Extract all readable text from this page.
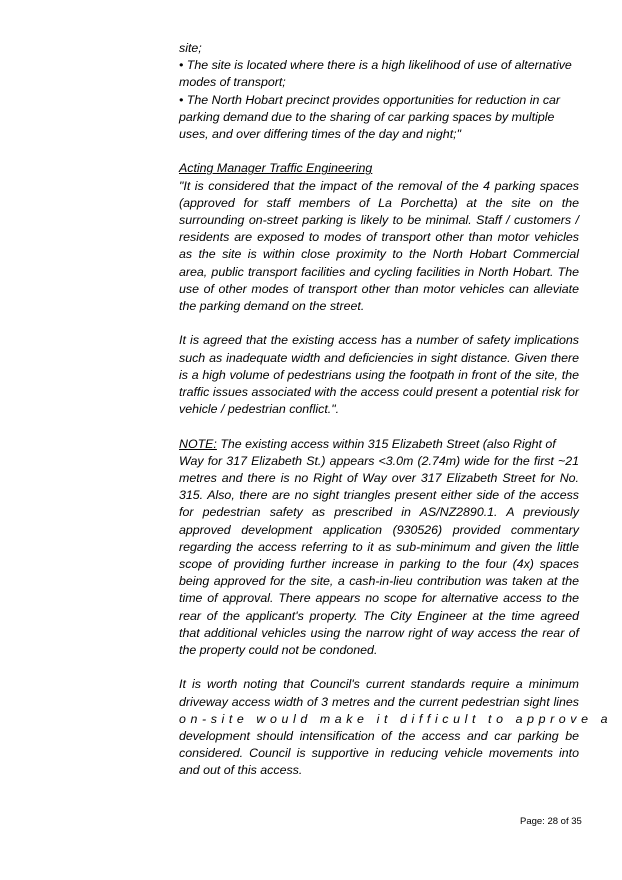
site;
• The site is located where there is a high likelihood of use of alternative
modes of transport;
• The North Hobart precinct provides opportunities for reduction in car
parking demand due to the sharing of car parking spaces by multiple
uses, and over differing times of the day and night;"
Acting Manager Traffic Engineering
"It is considered that the impact of the removal of the 4 parking spaces
(approved for staff members of La Porchetta) at the site on the
surrounding on-street parking is likely to be minimal. Staff / customers /
residents are exposed to modes of transport other than motor vehicles
as the site is within close proximity to the North Hobart Commercial
area, public transport facilities and cycling facilities in North Hobart. The
use of other modes of transport other than motor vehicles can alleviate
the parking demand on the street.
It is agreed that the existing access has a number of safety implications
such as inadequate width and deficiencies in sight distance. Given there
is a high volume of pedestrians using the footpath in front of the site, the
traffic issues associated with the access could present a potential risk for
vehicle / pedestrian conflict.".
NOTE: The existing access within 315 Elizabeth Street (also Right of
Way for 317 Elizabeth St.) appears <3.0m (2.74m) wide for the first ~21
metres and there is no Right of Way over 317 Elizabeth Street for No.
315. Also, there are no sight triangles present either side of the access
for pedestrian safety as prescribed in AS/NZ2890.1. A previously
approved development application (930526) provided commentary
regarding the access referring to it as sub-minimum and given the little
scope of providing further increase in parking to the four (4x) spaces
being approved for the site, a cash-in-lieu contribution was taken at the
time of approval. There appears no scope for alternative access to the
rear of the applicant's property. The City Engineer at the time agreed
that additional vehicles using the narrow right of way access the rear of
the property could not be condoned.
It is worth noting that Council's current standards require a minimum
driveway access width of 3 metres and the current pedestrian sight lines
on-site would make it difficult to approve a
development should intensification of the access and car parking be
considered. Council is supportive in reducing vehicle movements into
and out of this access.
Page: 28 of 35
